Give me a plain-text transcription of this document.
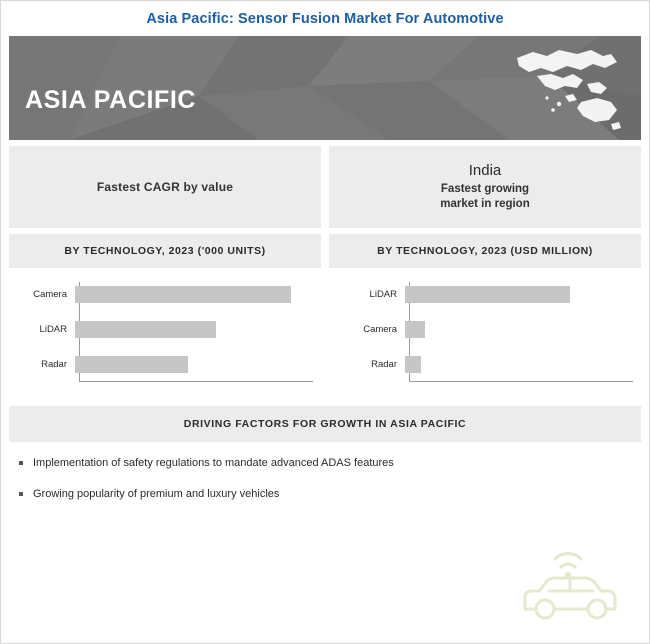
Asia Pacific: Sensor Fusion Market For Automotive
ASIA PACIFIC
Fastest CAGR by value
BY TECHNOLOGY, 2023 ('000 UNITS)
Camera
LiDAR
Radar
India
Fastest growing
market in region
BY TECHNOLOGY, 2023 (USD MILLION)
LiDAR
Camera
Radar
DRIVING FACTORS FOR GROWTH IN ASIA PACIFIC
Implementation of safety regulations to mandate advanced ADAS features
Growing popularity of premium and luxury vehicles
